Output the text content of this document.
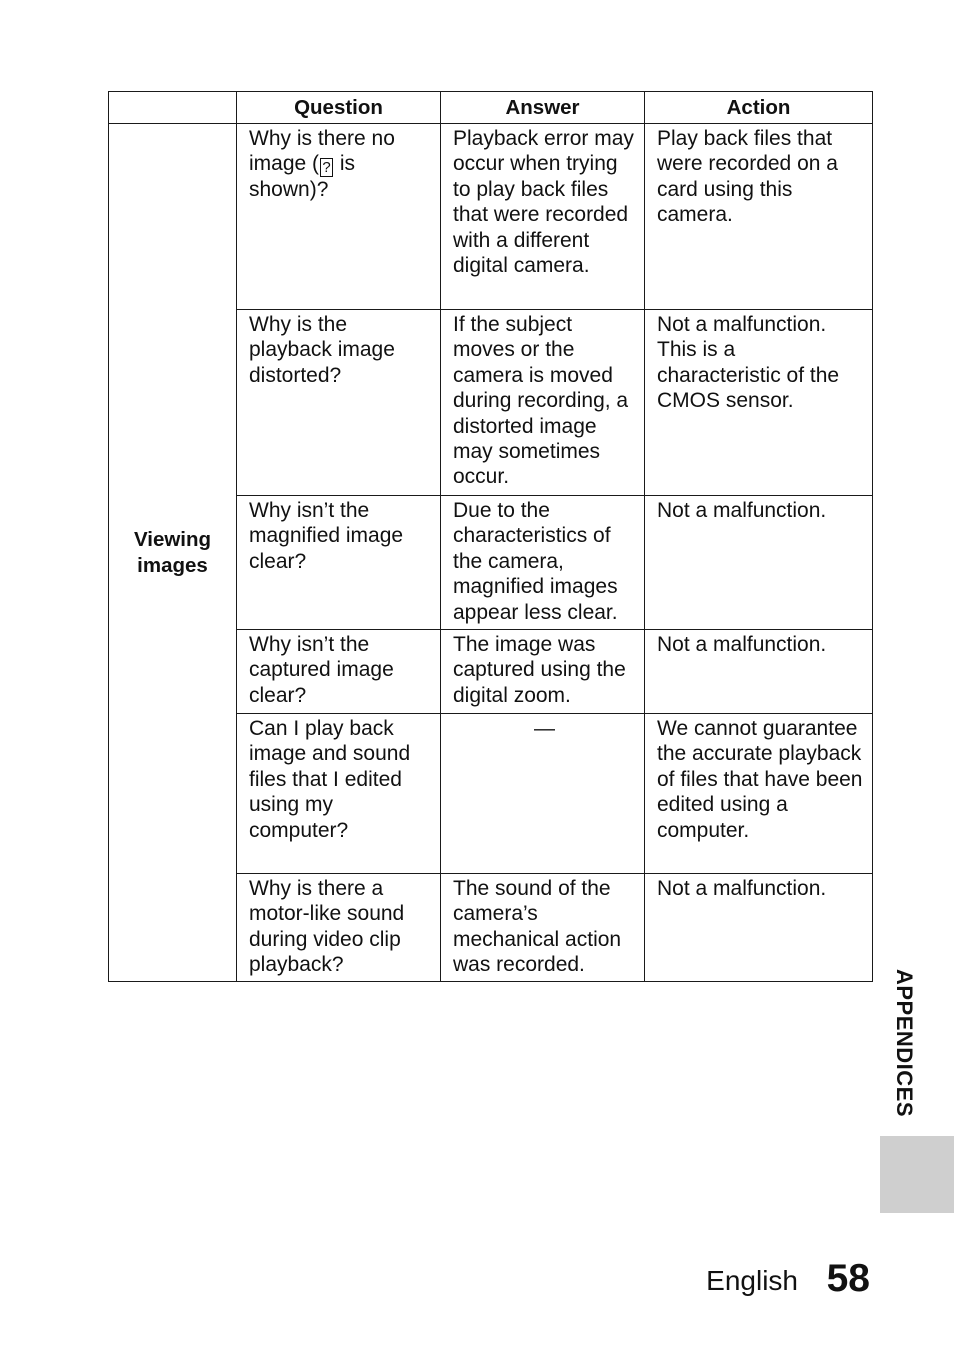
	Question	Answer	Action
Viewing images	Why is there no image ( ? is shown)?	Playback error may occur when trying to play back files that were recorded with a different digital camera.	Play back files that were recorded on a card using this camera.
	Why is the playback image distorted?	If the subject moves or the camera is moved during recording, a distorted image may sometimes occur.	Not a malfunction. This is a characteristic of the CMOS sensor.
	Why isn’t the magnified image clear?	Due to the characteristics of the camera, magnified images appear less clear.	Not a malfunction.
	Why isn’t the captured image clear?	The image was captured using the digital zoom.	Not a malfunction.
	Can I play back image and sound files that I edited using my computer?	—	We cannot guarantee the accurate playback of files that have been edited using a computer.
	Why is there a motor-like sound during video clip playback?	The sound of the camera’s mechanical action was recorded.	Not a malfunction.
APPENDICES
English 58
